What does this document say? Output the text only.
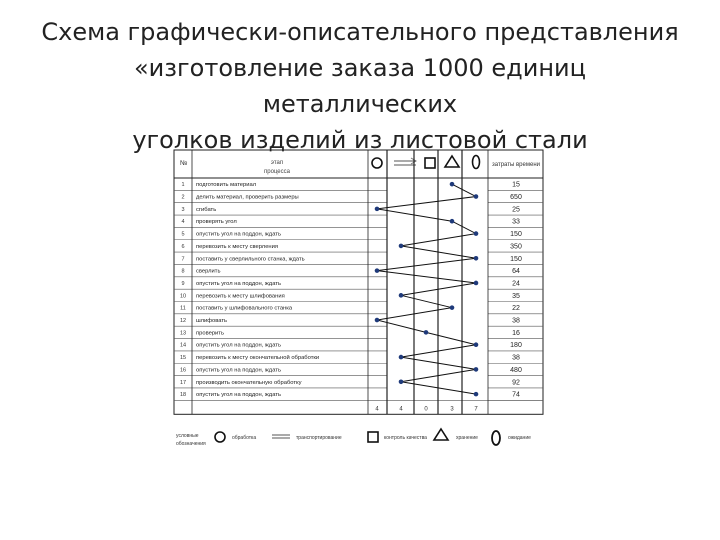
Схема графически-описательного представления
«изготовление заказа 1000 единиц металлических
уголков изделий из листовой стали
№	этап
процесса
затраты времени
1 подготовить материал	15
2 делить материал, проверить размеры	650
3 сгибать	25
4 проверять угол	33
5 опустить угол на поддон, ждать	150
6 перевозить к месту сверления	350
7 поставить у сверлильного станка, ждать	150
8 сверлить	64
9 опустить угол на поддон, ждать	24
10 перевозить к месту шлифования	35
11 поставить у шлифовального станка	22
12 шлифовать	38
13 проверить	16
14 опустить угол на поддон, ждать	180
15 перевозить к месту окончательной обработки	38
16 опустить угол на поддон, ждать	480
17 производить окончательную обработку	92
18 опустить угол на поддон, ждать	74
4	4	0	3	7
условные
обозначения
обработка	транспортирование	контроль качества	хранение	ожидание
